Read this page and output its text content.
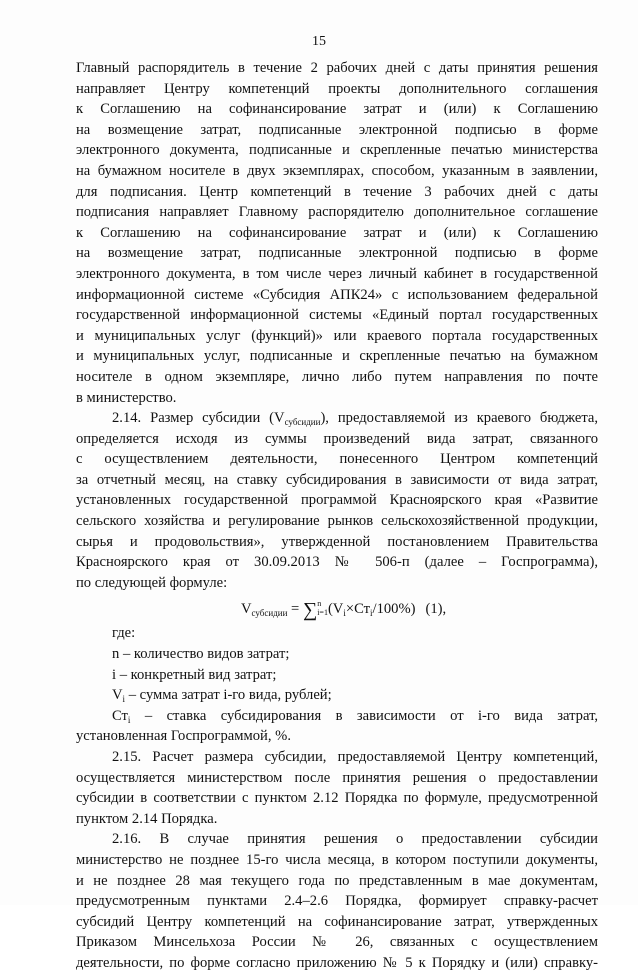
15
Главный распорядитель в течение 2 рабочих дней с даты принятия решения
направляет Центру компетенций проекты дополнительного соглашения
к Соглашению на софинансирование затрат и (или) к Соглашению
на возмещение затрат, подписанные электронной подписью в форме
электронного документа, подписанные и скрепленные печатью министерства
на бумажном носителе в двух экземплярах, способом, указанным в заявлении,
для подписания. Центр компетенций в течение 3 рабочих дней с даты
подписания направляет Главному распорядителю дополнительное соглашение
к Соглашению на софинансирование затрат и (или) к Соглашению
на возмещение затрат, подписанные электронной подписью в форме
электронного документа, в том числе через личный кабинет в государственной
информационной системе «Субсидия АПК24» с использованием федеральной
государственной информационной системы «Единый портал государственных
и муниципальных услуг (функций)» или краевого портала государственных
и муниципальных услуг, подписанные и скрепленные печатью на бумажном
носителе в одном экземпляре, лично либо путем направления по почте
в министерство.
2.14. Размер субсидии $(V_{субсидии})$, предоставляемой из краевого бюджета,
определяется исходя из суммы произведений вида затрат, связанного
с осуществлением деятельности, понесенного Центром компетенций
за отчетный месяц, на ставку субсидирования в зависимости от вида затрат,
установленных государственной программой Красноярского края «Развитие
сельского хозяйства и регулирование рынков сельскохозяйственной продукции,
сырья и продовольствия», утвержденной постановлением Правительства
Красноярского края от 30.09.2013 № 506-п (далее – Госпрограмма),
по следующей формуле:
$V_{субсидии} = \sum n$
$i=1(V_i\times Ст_i/100\%)$ (1),
где:
n – количество видов затрат;
i – конкретный вид затрат;
$V_i$ – сумма затрат i-го вида, рублей;
$Ст_i$ – ставка субсидирования в зависимости от i-го вида затрат,
установленная Госпрограммой, %.
2.15. Расчет размера субсидии, предоставляемой Центру компетенций,
осуществляется министерством после принятия решения о предоставлении
субсидии в соответствии с пунктом 2.12 Порядка по формуле, предусмотренной
пунктом 2.14 Порядка.
2.16. В случае принятия решения о предоставлении субсидии
министерство не позднее 15-го числа месяца, в котором поступили документы,
и не позднее 28 мая текущего года по представленным в мае документам,
предусмотренным пунктами 2.4–2.6 Порядка, формирует справку-расчет
субсидий Центру компетенций на софинансирование затрат, утвержденных
Приказом Минсельхоза России № 26, связанных с осуществлением
деятельности, по форме согласно приложению № 5 к Порядку и (или) справку-
